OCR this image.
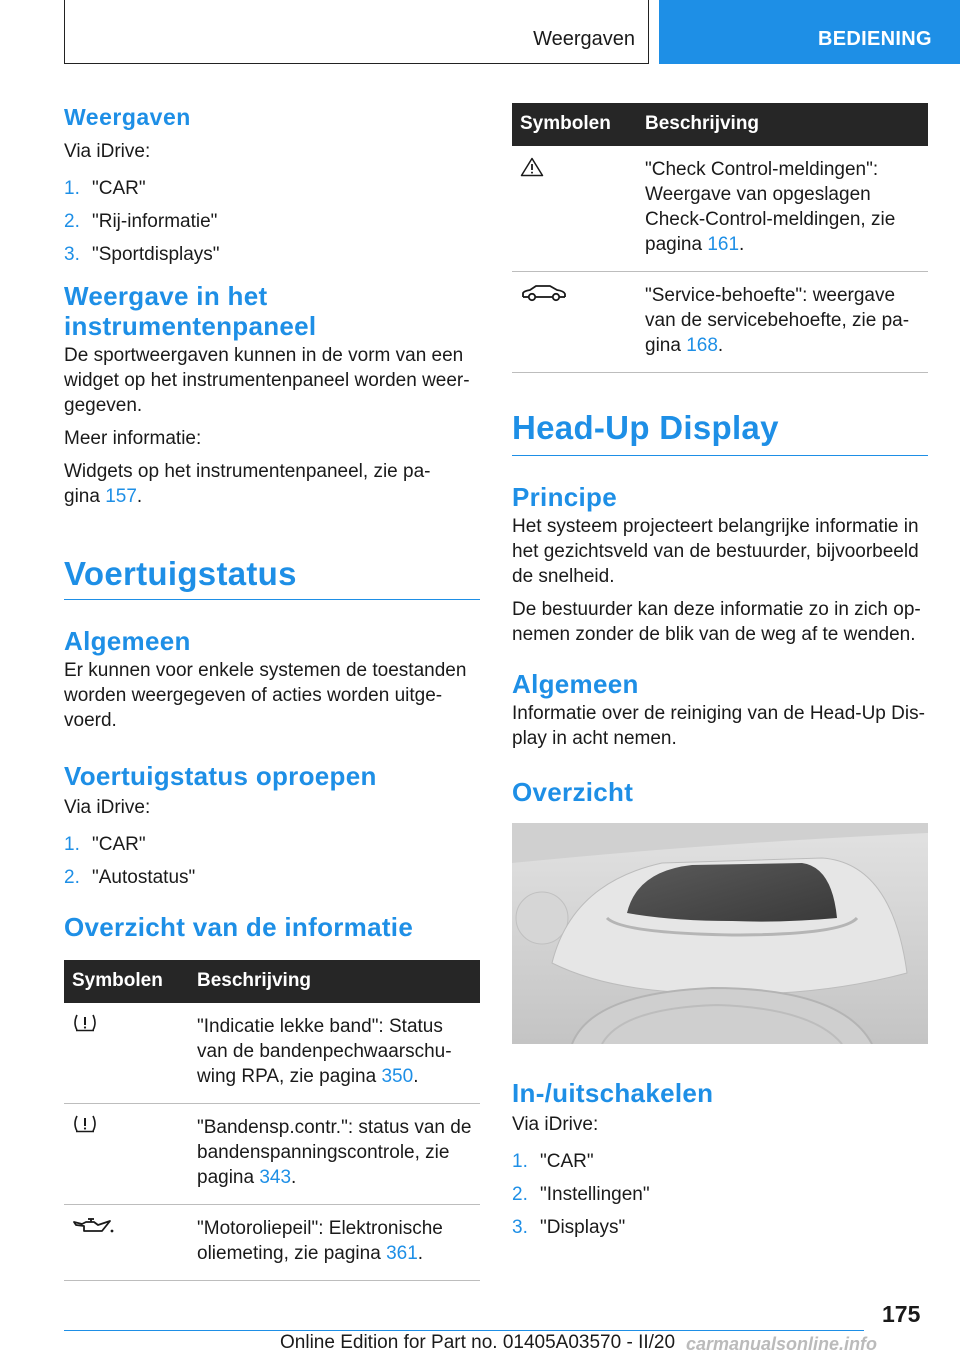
Weergaven	BEDIENING
Weergaven

Via iDrive:

1. "CAR"
2. "Rij-informatie"
3. "Sportdisplays"
Weergave in het
instrumentenpaneel

De sportweergaven kunnen in de vorm van een
widget op het instrumentenpaneel worden weer-
gegeven.

Meer informatie:

Widgets op het instrumentenpaneel, zie pa-
gina 157.

Voertuigstatus
Algemeen

Er kunnen voor enkele systemen de toestanden
worden weergegeven of acties worden uitge-
voerd.

Voertuigstatus oproepen

Via iDrive:

1. "CAR"
2. "Autostatus"
Overzicht van de informatie
Symbolen	Beschrijving
	"Indicatie lekke band": Status
van de bandenpechwaarschu-
wing RPA, zie pagina 350.
	"Bandensp.contr.": status van de
bandenspanningscontrole, zie
pagina 343.
	"Motoroliepeil": Elektronische
oliemeting, zie pagina 361.
Symbolen	Beschrijving
	"Check Control-meldingen":
Weergave van opgeslagen
Check-Control-meldingen, zie
pagina 161.
	"Service-behoefte": weergave
van de servicebehoefte, zie pa-
gina 168.
Head-Up Display
Principe

Het systeem projecteert belangrijke informatie in
het gezichtsveld van de bestuurder, bijvoorbeeld
de snelheid.

De bestuurder kan deze informatie zo in zich op-
nemen zonder de blik van de weg af te wenden.

Algemeen

Informatie over de reiniging van de Head-Up Dis-
play in acht nemen.

Overzicht
In-/uitschakelen

Via iDrive:

1. "CAR"
2. "Instellingen"
3. "Displays"
175
Online Edition for Part no. 01405A03570 - II/20 carmanualsonline.info
